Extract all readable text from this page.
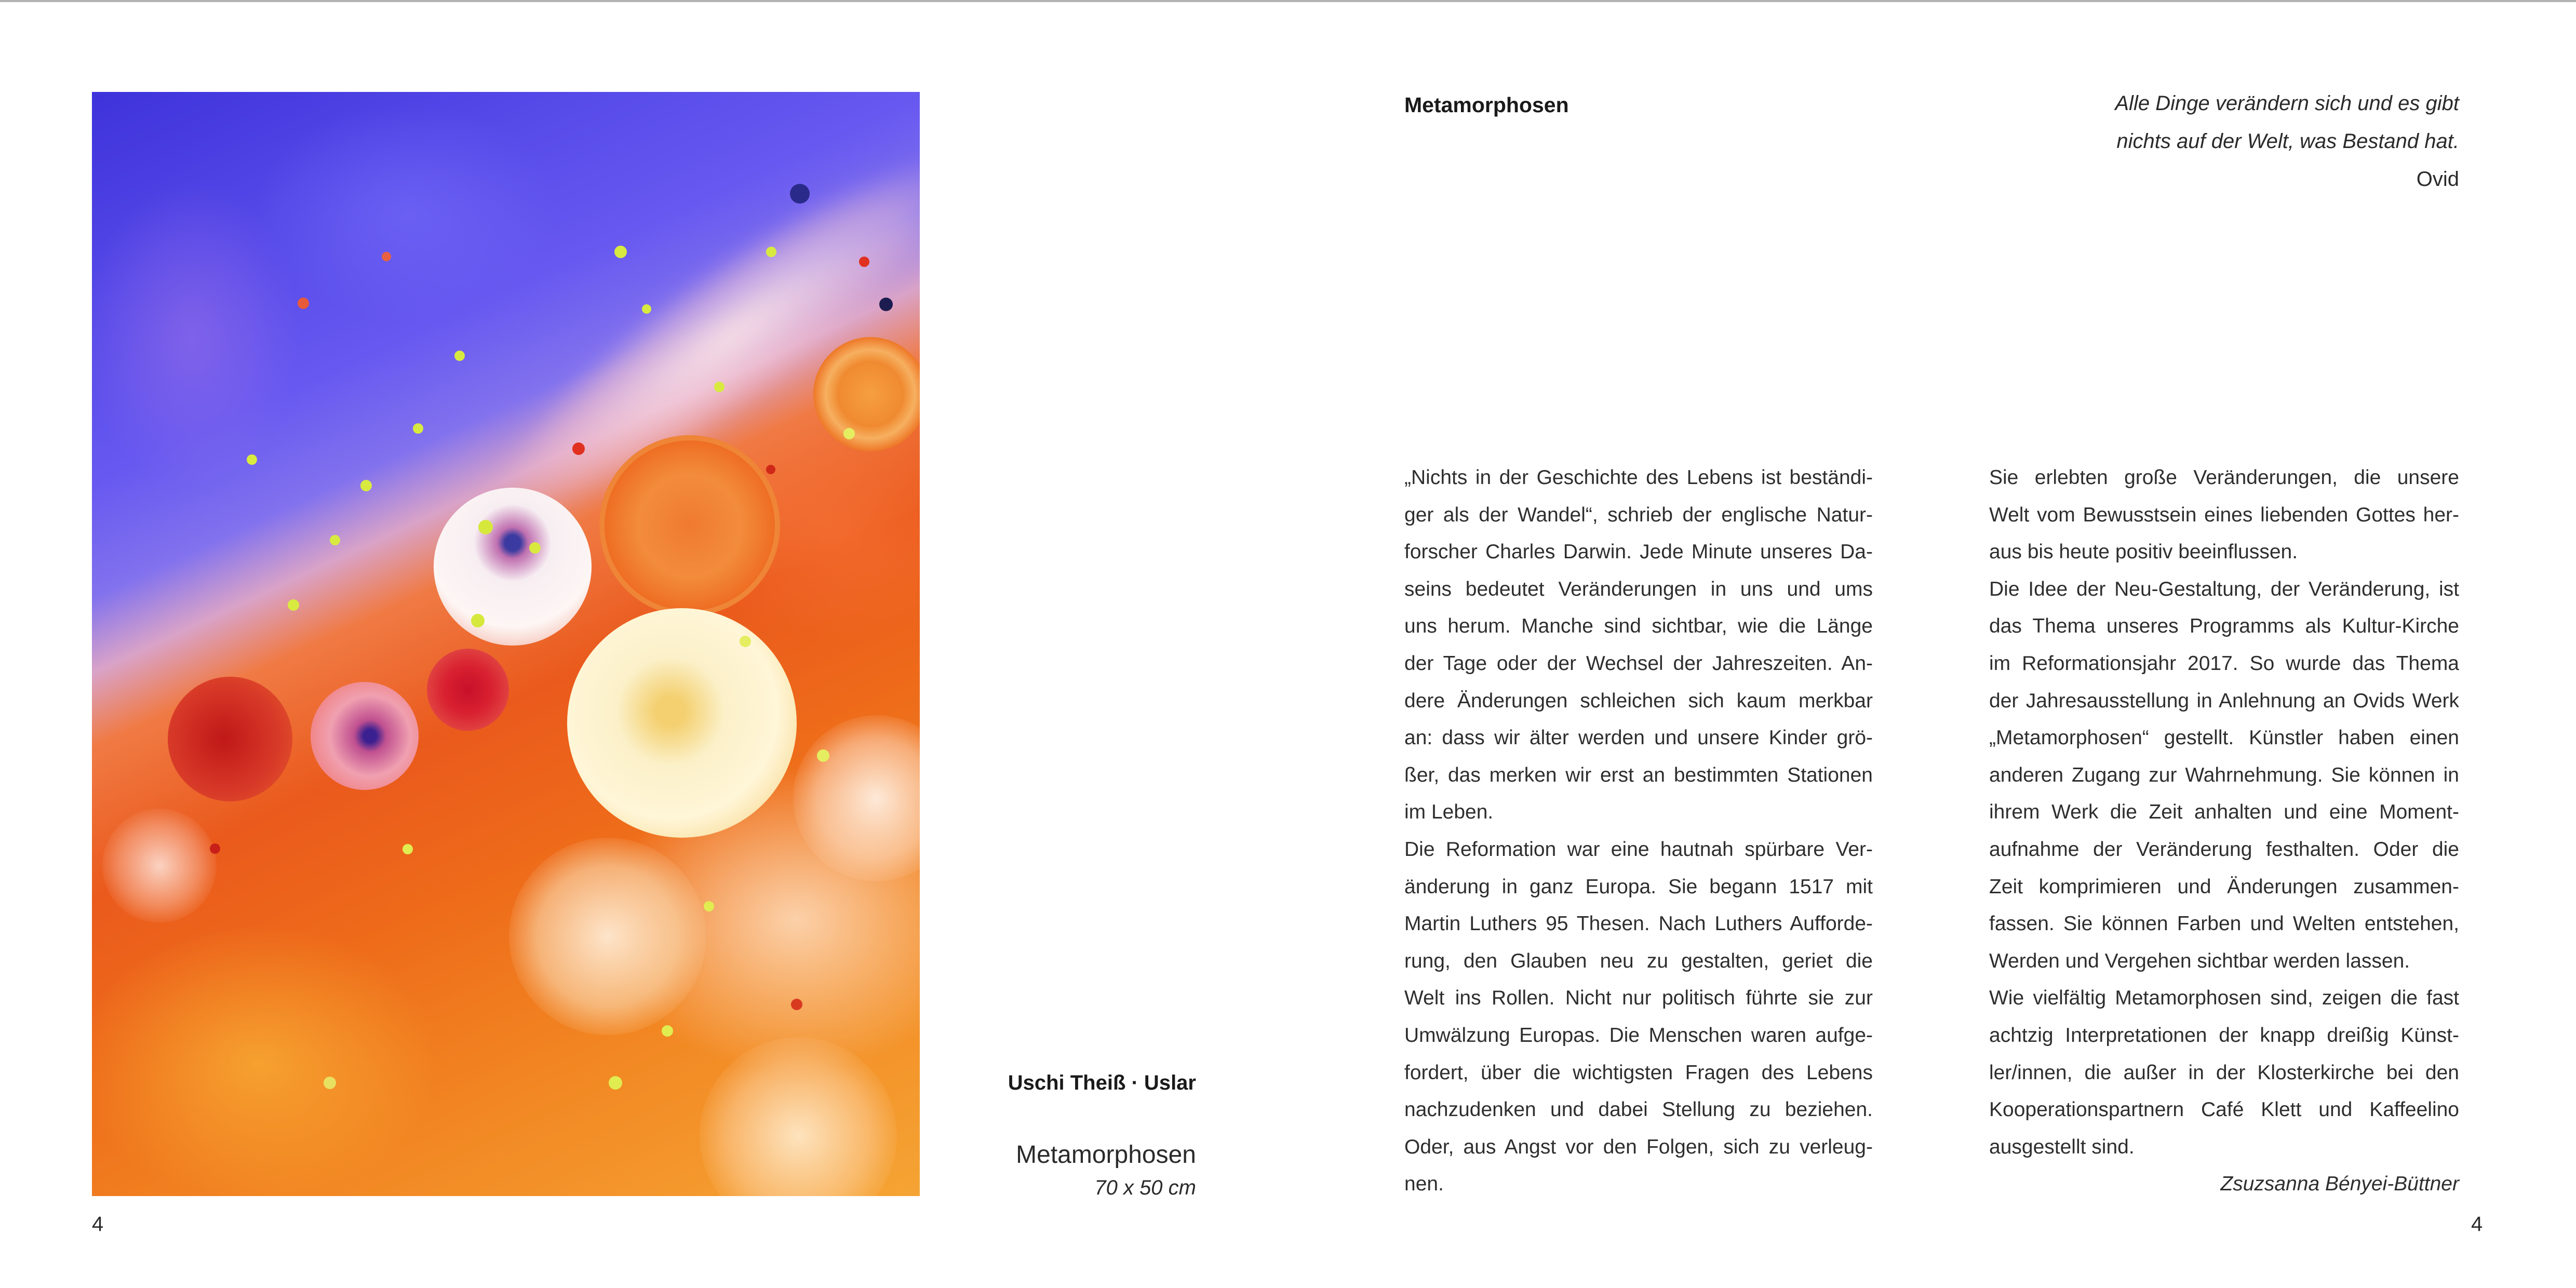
Uschi Theiß · Uslar
Metamorphosen
70 x 50 cm
4
Metamorphosen	Alle Dinge verändern sich und es gibt
nichts auf der Welt, was Bestand hat.
Ovid
„Nichts in der Geschichte des Lebens ist beständi-
ger als der Wandel“, schrieb der englische Natur-
forscher Charles Darwin. Jede Minute unseres Da-
seins bedeutet Veränderungen in uns und ums
uns herum. Manche sind sichtbar, wie die Länge
der Tage oder der Wechsel der Jahreszeiten. An-
dere Änderungen schleichen sich kaum merkbar
an: dass wir älter werden und unsere Kinder grö-
ßer, das merken wir erst an bestimmten Stationen
im Leben.
Die Reformation war eine hautnah spürbare Ver-
änderung in ganz Europa. Sie begann 1517 mit
Martin Luthers 95 Thesen. Nach Luthers Aufforde-
rung, den Glauben neu zu gestalten, geriet die
Welt ins Rollen. Nicht nur politisch führte sie zur
Umwälzung Europas. Die Menschen waren aufge-
fordert, über die wichtigsten Fragen des Lebens
nachzudenken und dabei Stellung zu beziehen.
Oder, aus Angst vor den Folgen, sich zu verleug-
nen.
Sie erlebten große Veränderungen, die unsere
Welt vom Bewusstsein eines liebenden Gottes her-
aus bis heute positiv beeinflussen.
Die Idee der Neu-Gestaltung, der Veränderung, ist
das Thema unseres Programms als Kultur-Kirche
im Reformationsjahr 2017. So wurde das Thema
der Jahresausstellung in Anlehnung an Ovids Werk
„Metamorphosen“ gestellt. Künstler haben einen
anderen Zugang zur Wahrnehmung. Sie können in
ihrem Werk die Zeit anhalten und eine Moment-
aufnahme der Veränderung festhalten. Oder die
Zeit komprimieren und Änderungen zusammen-
fassen. Sie können Farben und Welten entstehen,
Werden und Vergehen sichtbar werden lassen.
Wie vielfältig Metamorphosen sind, zeigen die fast
achtzig Interpretationen der knapp dreißig Künst-
ler/innen, die außer in der Klosterkirche bei den
Kooperationspartnern Café Klett und Kaffeelino
ausgestellt sind.
Zsuzsanna Bényei-Büttner
4
